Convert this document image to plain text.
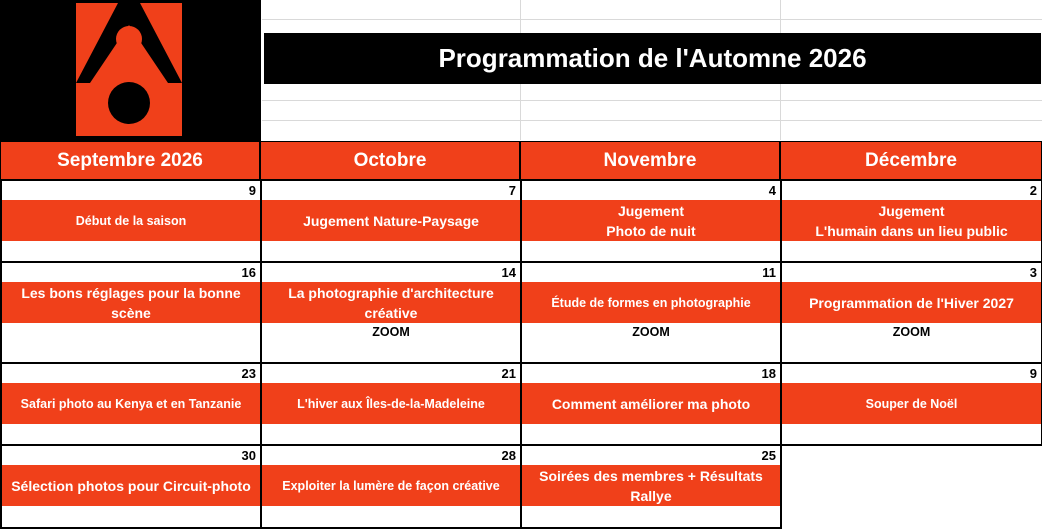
Programmation de l'Automne 2026
Septembre 2026
9
Début de la saison
16
Les bons réglages pour la bonne scène
23
Safari photo au Kenya et en Tanzanie
30
Sélection photos pour Circuit-photo
Octobre
7
Jugement Nature-Paysage
14
La photographie d'architecture créative
ZOOM
21
L'hiver aux Îles-de-la-Madeleine
28
Exploiter la lumère de façon créative
Novembre
4
Jugement
Photo de nuit
11
Étude de formes en photographie
ZOOM
18
Comment améliorer ma photo
25
Soirées des membres + Résultats Rallye
Décembre
2
Jugement
L'humain dans un lieu public
3
Programmation de l'Hiver 2027
ZOOM
9
Souper de Noël
